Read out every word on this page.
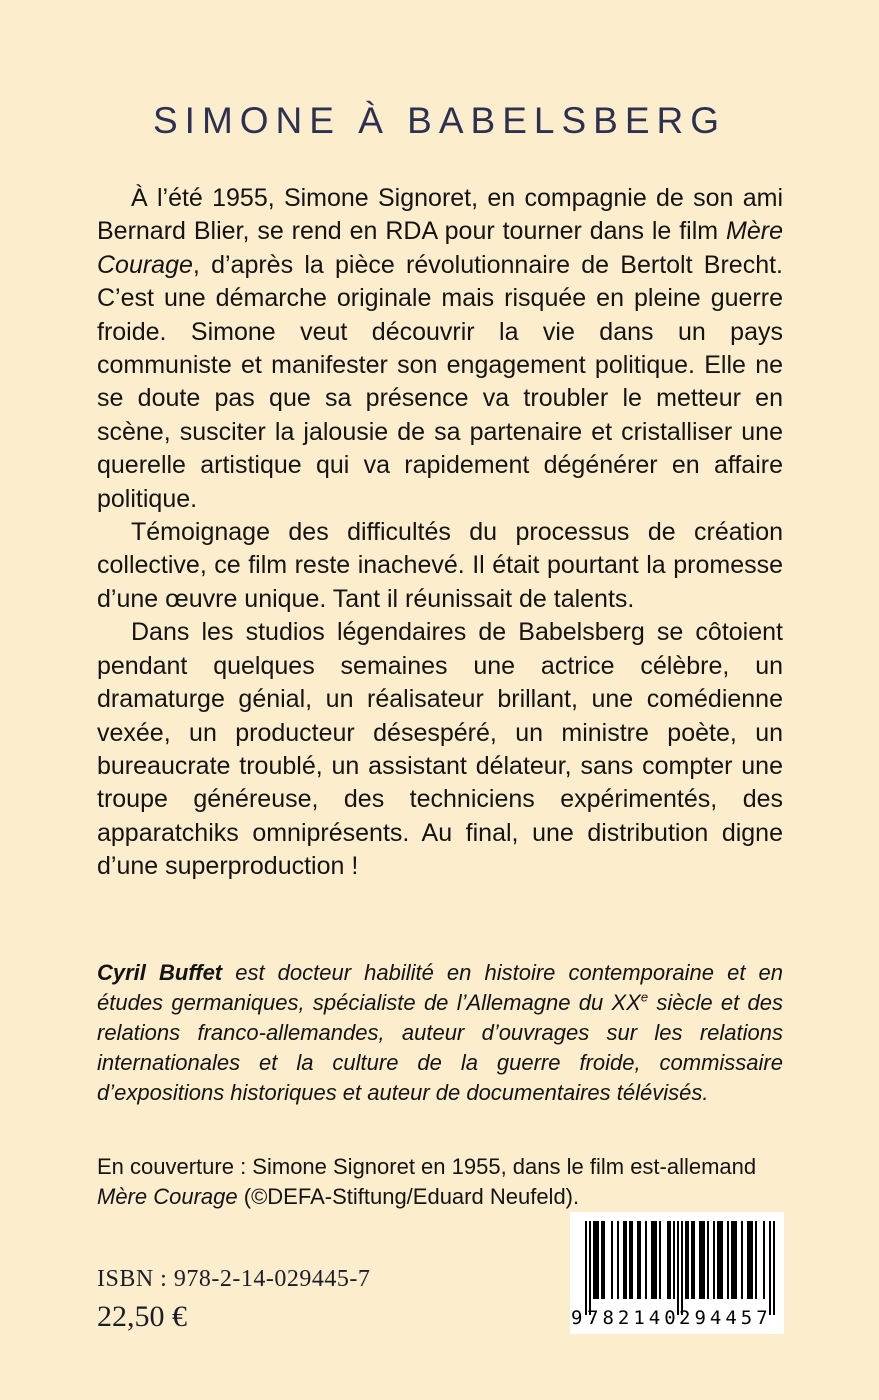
SIMONE À BABELSBERG

À l’été 1955, Simone Signoret, en compagnie de son ami Bernard Blier, se rend en RDA pour tourner dans le film Mère Courage, d’après la pièce révolutionnaire de Bertolt Brecht. C’est une démarche originale mais risquée en pleine guerre froide. Simone veut découvrir la vie dans un pays communiste et manifester son engagement politique. Elle ne se doute pas que sa présence va troubler le metteur en scène, susciter la jalousie de sa partenaire et cristalliser une querelle artistique qui va rapidement dégénérer en affaire politique.

Témoignage des difficultés du processus de création collective, ce film reste inachevé. Il était pourtant la promesse d’une œuvre unique. Tant il réunissait de talents.

Dans les studios légendaires de Babelsberg se côtoient pendant quelques semaines une actrice célèbre, un dramaturge génial, un réalisateur brillant, une comédienne vexée, un producteur désespéré, un ministre poète, un bureaucrate troublé, un assistant délateur, sans compter une troupe généreuse, des techniciens expérimentés, des apparatchiks omniprésents. Au final, une distribution digne d’une superproduction !

Cyril Buffet est docteur habilité en histoire contemporaine et en études germaniques, spécialiste de l’Allemagne du XXe siècle et des relations franco-allemandes, auteur d’ouvrages sur les relations internationales et la culture de la guerre froide, commissaire d’expositions historiques et auteur de documentaires télévisés.
En couverture : Simone Signoret en 1955, dans le film est-allemand
Mère Courage (©DEFA-Stiftung/Eduard Neufeld).
ISBN : 978-2-14-029445-7
22,50 €	9 782140 294457
